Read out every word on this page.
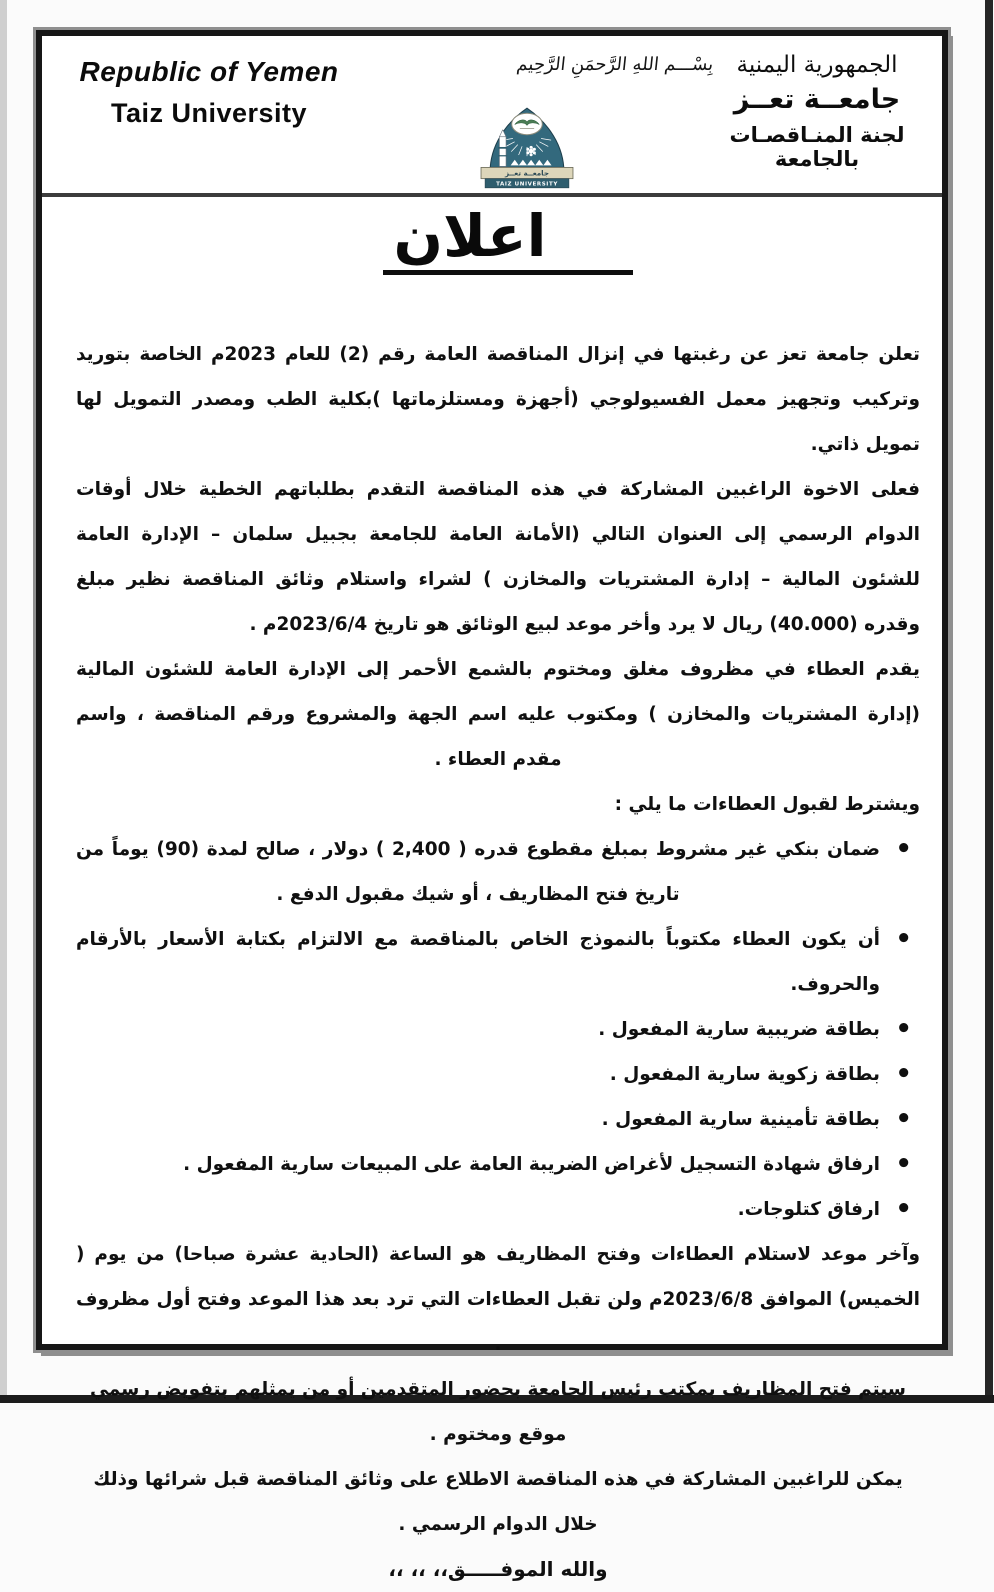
Republic of Yemen
Taiz University
بِسْـــم اللهِ الرَّحمَنِ الرَّحِيم
جامعــة تعــز
TAIZ UNIVERSITY
الجمهورية اليمنية
جامعــة تعــز
لجنة المنـاقصـات بالجامعة
اعلان

تعلن جامعة تعز عن رغبتها في إنزال المناقصة العامة رقم (2) للعام 2023م الخاصة بتوريد وتركيب وتجهيز معمل الفسيولوجي (أجهزة ومستلزماتها )بكلية الطب ومصدر التمويل لها تمويل ذاتي.

فعلى الاخوة الراغبين المشاركة في هذه المناقصة التقدم بطلباتهم الخطية خلال أوقات الدوام الرسمي إلى العنوان التالي (الأمانة العامة للجامعة بجبيل سلمان – الإدارة العامة للشئون المالية – إدارة المشتريات والمخازن ) لشراء واستلام وثائق المناقصة نظير مبلغ وقدره (40.000) ريال لا يرد وأخر موعد لبيع الوثائق هو تاريخ 2023/6/4م .

يقدم العطاء في مظروف مغلق ومختوم بالشمع الأحمر إلى الإدارة العامة للشئون المالية (إدارة المشتريات والمخازن ) ومكتوب عليه اسم الجهة والمشروع ورقم المناقصة ، واسم مقدم العطاء .

ويشترط لقبول العطاءات ما يلي :

• ضمان بنكي غير مشروط بمبلغ مقطوع قدره ( 2,400 ) دولار ، صالح لمدة (90) يوماً من تاريخ فتح المظاريف ، أو شيك مقبول الدفع .
• أن يكون العطاء مكتوباً بالنموذج الخاص بالمناقصة مع الالتزام بكتابة الأسعار بالأرقام والحروف.
• بطاقة ضريبية سارية المفعول .
• بطاقة زكوية سارية المفعول .
• بطاقة تأمينية سارية المفعول .
• ارفاق شهادة التسجيل لأغراض الضريبة العامة على المبيعات سارية المفعول .
• ارفاق كتلوجات.

وآخر موعد لاستلام العطاءات وفتح المظاريف هو الساعة (الحادية عشرة صباحا) من يوم ( الخميس) الموافق 2023/6/8م ولن تقبل العطاءات التي ترد بعد هذا الموعد وفتح أول مظروف .

سيتم فتح المظاريف بمكتب رئيس الجامعة بحضور المتقدمين أو من يمثلهم بتفويض رسمي موقع ومختوم .

يمكن للراغبين المشاركة في هذه المناقصة الاطلاع على وثائق المناقصة قبل شرائها وذلك خلال الدوام الرسمي .

والله الموفـــــق،، ،، ،،
